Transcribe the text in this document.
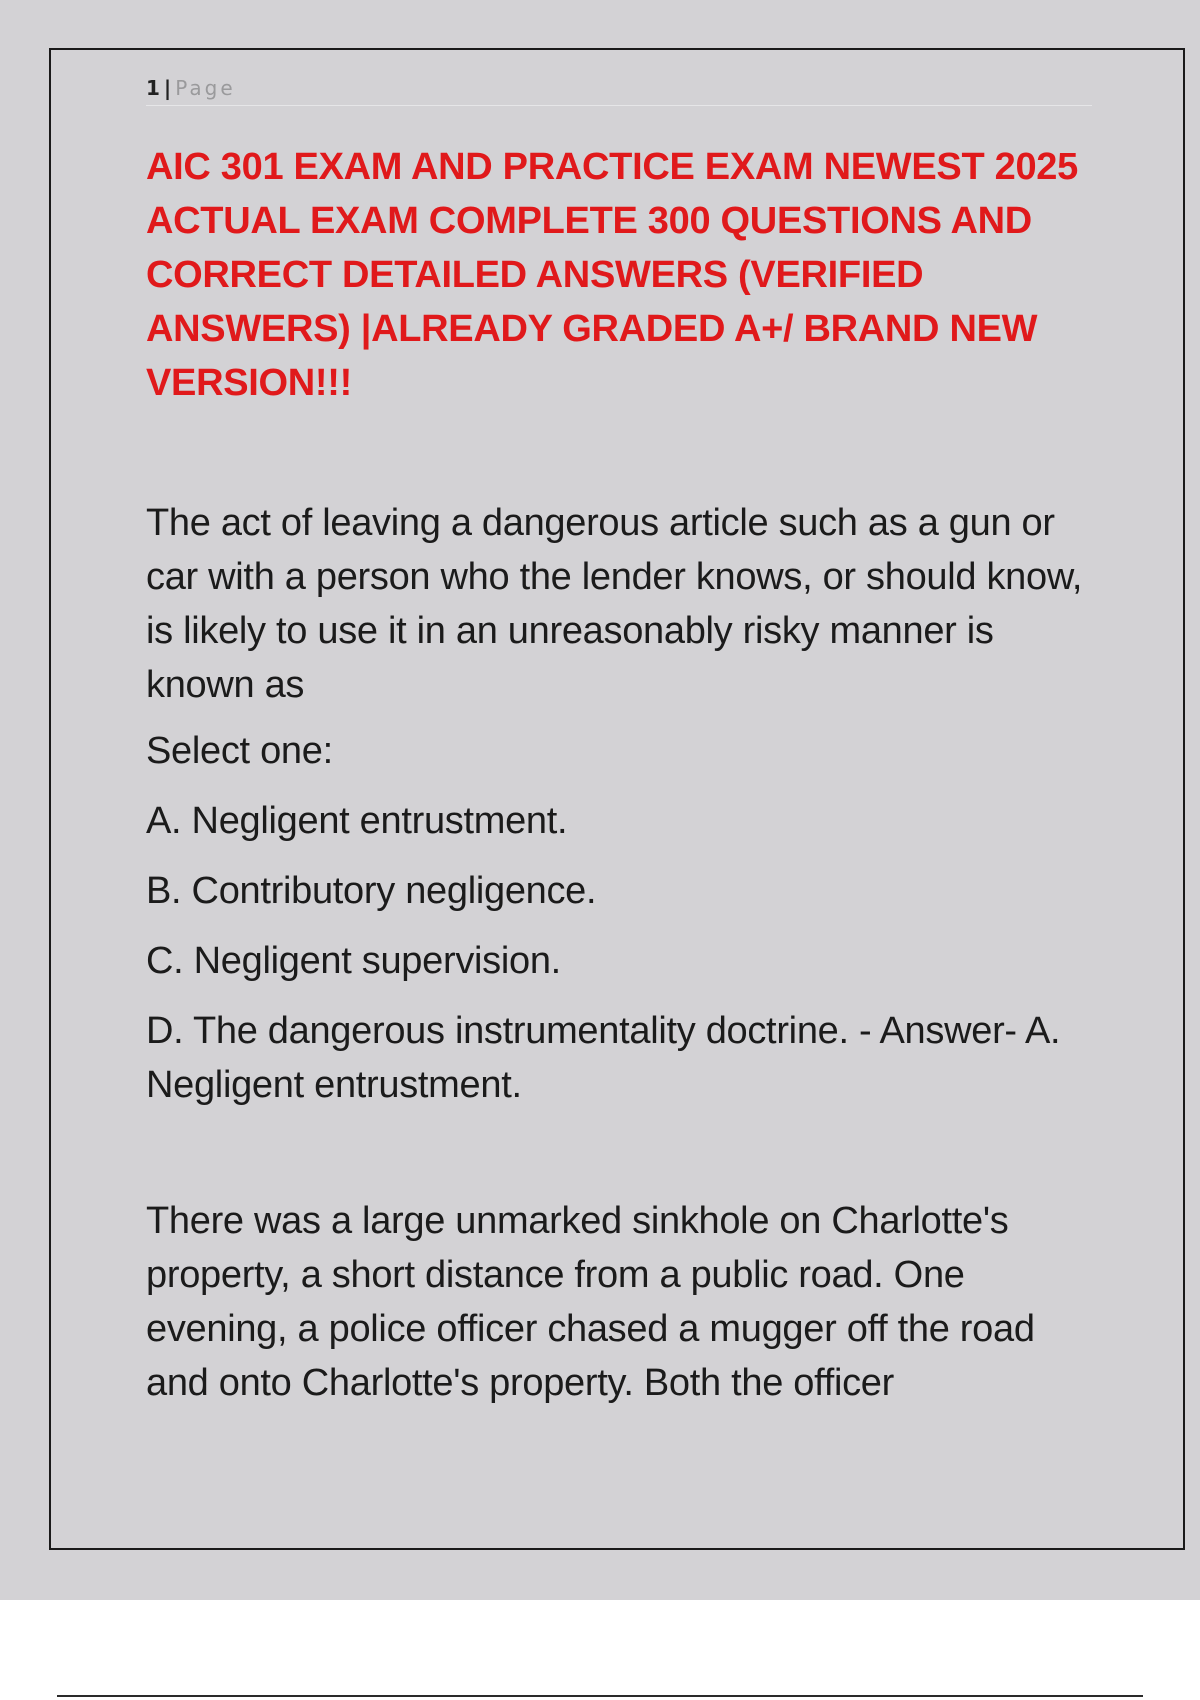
1 | Page
AIC 301 EXAM AND PRACTICE EXAM NEWEST 2025 ACTUAL EXAM COMPLETE 300 QUESTIONS AND CORRECT DETAILED ANSWERS (VERIFIED ANSWERS) |ALREADY GRADED A+/ BRAND NEW VERSION!!!

The act of leaving a dangerous article such as a gun or car with a person who the lender knows, or should know, is likely to use it in an unreasonably risky manner is known as

Select one:

A. Negligent entrustment.

B. Contributory negligence.

C. Negligent supervision.

D. The dangerous instrumentality doctrine. - Answer- A. Negligent entrustment.

There was a large unmarked sinkhole on Charlotte's property, a short distance from a public road. One evening, a police officer chased a mugger off the road and onto Charlotte's property. Both the officer
